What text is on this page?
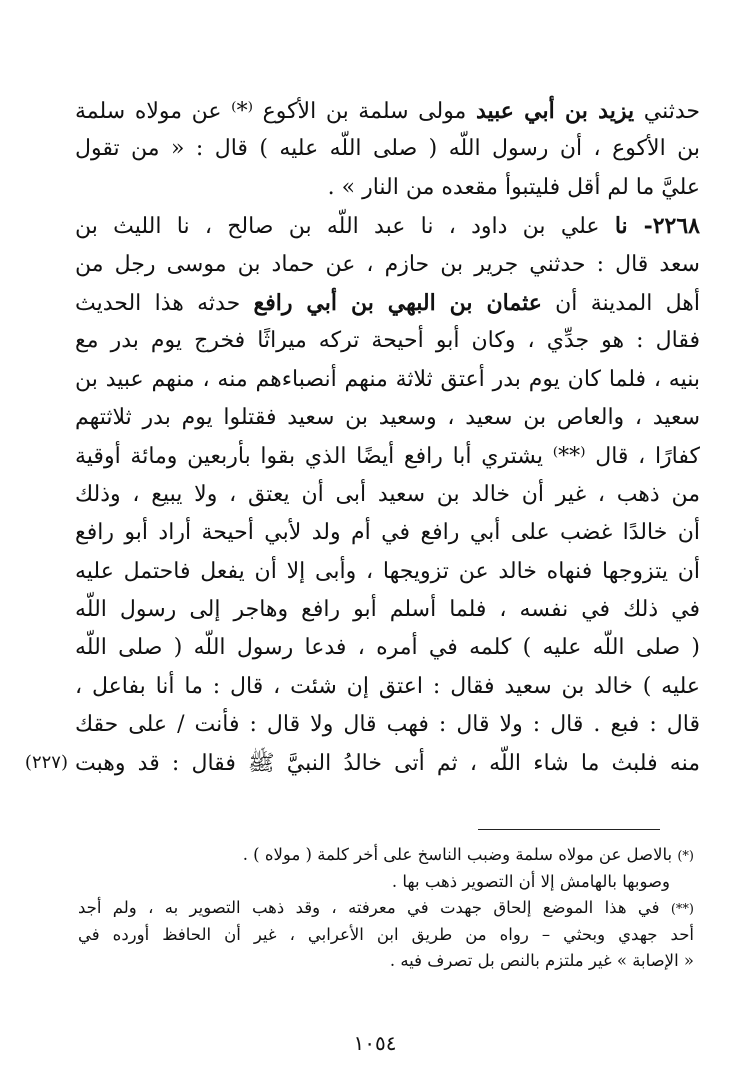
حدثني يزيد بن أبي عبيد مولى سلمة بن الأكوع ⁽*⁾ عن مولاه سلمة
بن الأكوع ، أن رسول اللّه ( صلى اللّه عليه ) قال : « من تقول
عليَّ ما لم أقل فليتبوأ مقعده من النار » .
٢٢٦٨- نا علي بن داود ، نا عبد اللّه بن صالح ، نا الليث بن
سعد قال : حدثني جرير بن حازم ، عن حماد بن موسى رجل من
أهل المدينة أن عثمان بن البهي بن أبي رافع حدثه هذا الحديث
فقال : هو جدِّي ، وكان أبو أحيحة تركه ميراثًا فخرج يوم بدر مع
بنيه ، فلما كان يوم بدر أعتق ثلاثة منهم أنصباءهم منه ، منهم عبيد بن
سعيد ، والعاص بن سعيد ، وسعيد بن سعيد فقتلوا يوم بدر ثلاثتهم
كفارًا ، قال ⁽**⁾ يشتري أبا رافع أيضًا الذي بقوا بأربعين ومائة أوقية
من ذهب ، غير أن خالد بن سعيد أبى أن يعتق ، ولا يبيع ، وذلك
أن خالدًا غضب على أبي رافع في أم ولد لأبي أحيحة أراد أبو رافع
أن يتزوجها فنهاه خالد عن تزويجها ، وأبى إلا أن يفعل فاحتمل عليه
في ذلك في نفسه ، فلما أسلم أبو رافع وهاجر إلى رسول اللّه
( صلى اللّه عليه ) كلمه في أمره ، فدعا رسول اللّه ( صلى اللّه
عليه ) خالد بن سعيد فقال : اعتق إن شئت ، قال : ما أنا بفاعل ،
قال : فبع . قال : ولا قال : فهب قال ولا قال : فأنت / على حقك
منه فلبث ما شاء اللّه ، ثم أتى خالدُ النبيَّ ﷺ فقال : قد وهبت
(٢٢٧)
(*) بالاصل عن مولاه سلمة وضبب الناسخ على أخر كلمة ( مولاه ) .
وصوبها بالهامش إلا أن التصوير ذهب بها .
(**) في هذا الموضع إلحاق جهدت في معرفته ، وقد ذهب التصوير به ، ولم أجد
أحد جهدي وبحثي – رواه من طريق ابن الأعرابي ، غير أن الحافظ أورده في
« الإصابة » غير ملتزم بالنص بل تصرف فيه .
١٠٥٤
